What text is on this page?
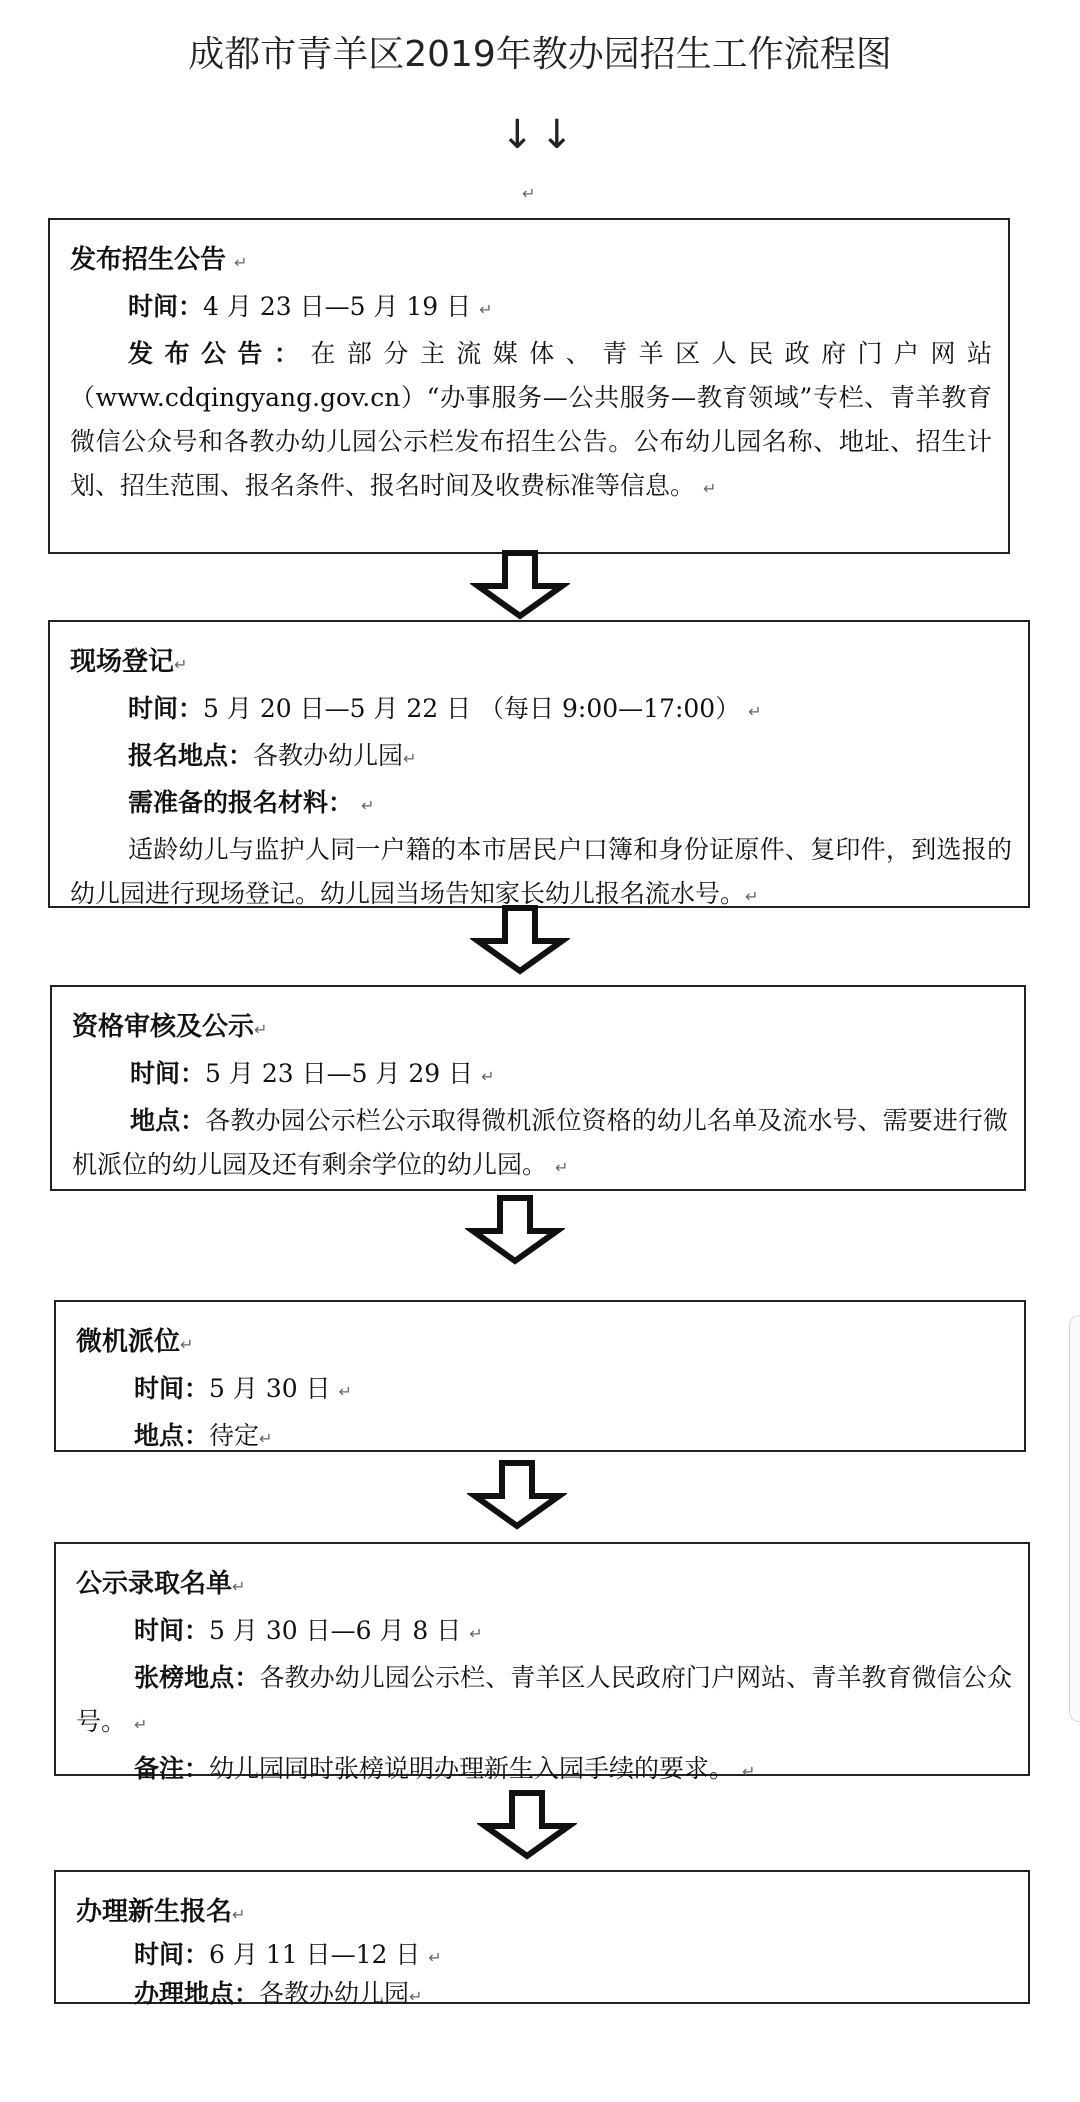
成都市青羊区2019年教办园招生工作流程图
↓↓
↵
发布招生公告 ↵
时间：4 月 23 日—5 月 19 日 ↵
发布公告：在部分主流媒体、青羊区人民政府门户网站（www.cdqingyang.gov.cn）“办事服务—公共服务—教育领域”专栏、青羊教育微信公众号和各教办幼儿园公示栏发布招生公告。公布幼儿园名称、地址、招生计划、招生范围、报名条件、报名时间及收费标准等信息。 ↵
现场登记↵
时间：5 月 20 日—5 月 22 日 （每日 9:00—17:00） ↵
报名地点：各教办幼儿园↵
需准备的报名材料： ↵
适龄幼儿与监护人同一户籍的本市居民户口簿和身份证原件、复印件，到选报的幼儿园进行现场登记。幼儿园当场告知家长幼儿报名流水号。↵
资格审核及公示↵
时间：5 月 23 日—5 月 29 日 ↵
地点：各教办园公示栏公示取得微机派位资格的幼儿名单及流水号、需要进行微机派位的幼儿园及还有剩余学位的幼儿园。 ↵
微机派位↵
时间：5 月 30 日 ↵
地点：待定↵
公示录取名单↵
时间：5 月 30 日—6 月 8 日 ↵
张榜地点：各教办幼儿园公示栏、青羊区人民政府门户网站、青羊教育微信公众号。 ↵
备注：幼儿园同时张榜说明办理新生入园手续的要求。 ↵
办理新生报名↵
时间：6 月 11 日—12 日 ↵
办理地点：各教办幼儿园↵
